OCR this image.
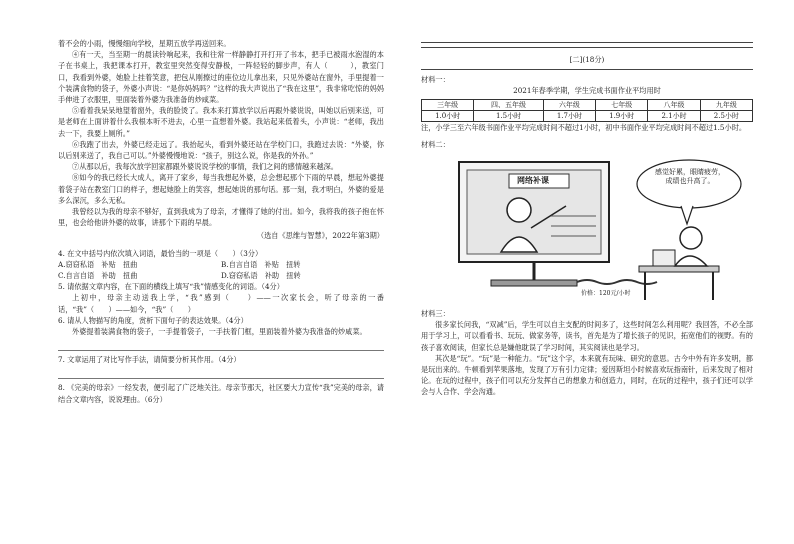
着不会的小雨，慢慢细向学校，星期五放学再送回来。

④有一天，当至期一的晨读铃响起来，我和往常一样静静打开打开了书本，把手已被雨水泡湿的本子在书桌上，我把课本打开，教室里突然变得安静极，一阵轻轻的脚步声，有人（　　　），教室门口，我看到外婆，她脸上挂着笑意，把包从刚擦过的座位边儿拿出来，只见外婆站在窗外，手里提着一个装满食物的袋子，外婆小声说：“是你妈妈吗？”这样的我大声说出了“我在这里”，我非常吃惊的妈妈手伸进了衣服里，里面装着外婆为我准备的炒咸菜。

⑤看着我呆呆地望着窗外，我的脸烫了。我本来打算放学以后再跟外婆说说，叫她以后别来送，可是老师在上面讲着什么我根本听不进去，心里一直想着外婆。我站起来低着头，小声说：“老师，我出去一下，我要上厕所。”

⑥我跑了出去，外婆已经走远了。我抬起头，看到外婆还站在学校门口，我跑过去说：“外婆，你以后别来送了，我自己可以。”外婆慢慢地说：“孩子，别这么说，你是我的外孙。”

⑦从那以后，我每次放学回家都跟外婆说说学校的事情，我们之间的感情越来越深。

⑧如今的我已经长大成人，离开了家乡，每当我想起外婆，总会想起那个下雨的早晨，想起外婆提着袋子站在教室门口的样子，想起她脸上的笑容，想起她说的那句话。那一刻，我才明白，外婆的爱是多么深沉，多么无私。

我曾经以为我的母亲不够好，直到我成为了母亲，才懂得了她的付出。如今，我将我的孩子抱在怀里，也会给他讲外婆的故事，讲那个下雨的早晨。

（选自《思维与智慧》，2022年第3期）

4. 在文中括号内依次填入词语，最恰当的一项是（　　）（3分）

A.窃窃私语　补贴　扭曲	B.自言自语　补贴　扭转
C.自言自语　补助　扭曲	D.窃窃私语　补助　扭转

5. 请依据文章内容，在下面的横线上填写“我”情感变化的词语。（4分）

上初中，母亲主动送我上学，“我”感到（　　）——一次家长会，听了母亲的一番话，“我”（　　）——如今，“我”（　　）

6. 请从人物描写的角度，赏析下面句子的表达效果。（4分）

外婆提着装满食物的袋子，一手提着袋子，一手扶着门框，里面装着外婆为我准备的炒咸菜。

7. 文章运用了对比写作手法，请简要分析其作用。（4分）

8. 《完美的母亲》一经发表，便引起了广泛地关注。母亲节那天，社区要大力宣传“我”完美的母亲，请结合文章内容，说说理由。（6分）

[二](18分)

材料一：

2021年春季学期，学生完成书面作业平均用时
三年级	四、五年级	六年级	七年级	八年级	九年级
1.0小时	1.5小时	1.7小时	1.9小时	2.1小时	2.5小时

注，小学三至六年级书面作业平均完成时间不超过1小时，初中书面作业平均完成时间不超过1.5小时。

材料二：

网络补课
感觉好累，眼睛疲劳，成绩也升高了。
价格：120元/小时

材料三：

很多家长问我，“双减”后，学生可以自主支配的时间多了，这些时间怎么利用呢？我回答，不必全部用于学习上，可以看看书、玩玩、做家务等，读书，首先是为了增长孩子的见识，拓宽他们的视野。有的孩子喜欢阅读，但家长总是嫌他耽误了学习时间，其实阅读也是学习。

其次是“玩”。“玩”是一种能力。“玩”这个字，本来就有玩味、研究的意思。古今中外有许多发明，都是玩出来的。牛顿看到苹果落地，发现了万有引力定律；爱因斯坦小时候喜欢玩指南针，后来发现了相对论。在玩的过程中，孩子们可以充分发挥自己的想象力和创造力，同时，在玩的过程中，孩子们还可以学会与人合作、学会沟通。
